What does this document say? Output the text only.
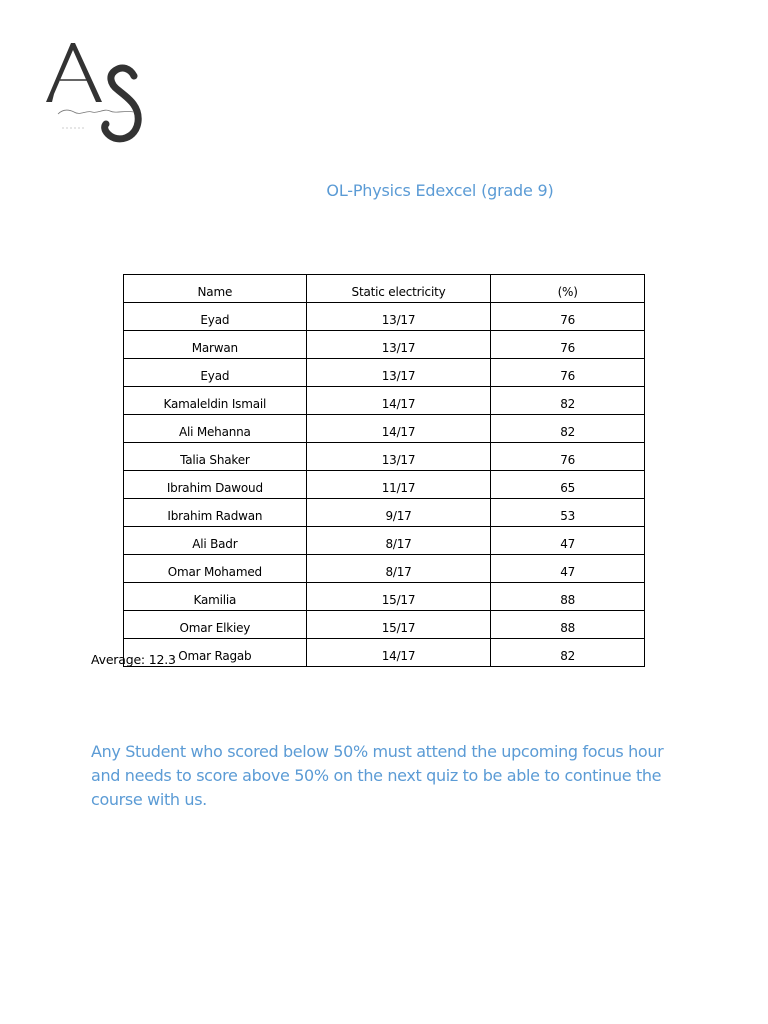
OL-Physics Edexcel (grade 9)
Name	Static electricity	(%)
Eyad	13/17	76
Marwan	13/17	76
Eyad	13/17	76
Kamaleldin Ismail	14/17	82
Ali Mehanna	14/17	82
Talia Shaker	13/17	76
Ibrahim Dawoud	11/17	65
Ibrahim Radwan	9/17	53
Ali Badr	8/17	47
Omar Mohamed	8/17	47
Kamilia	15/17	88
Omar Elkiey	15/17	88
Omar Ragab	14/17	82
Average: 12.3
Any Student who scored below 50% must attend the upcoming focus hour and needs to score above 50% on the next quiz to be able to continue the course with us.
